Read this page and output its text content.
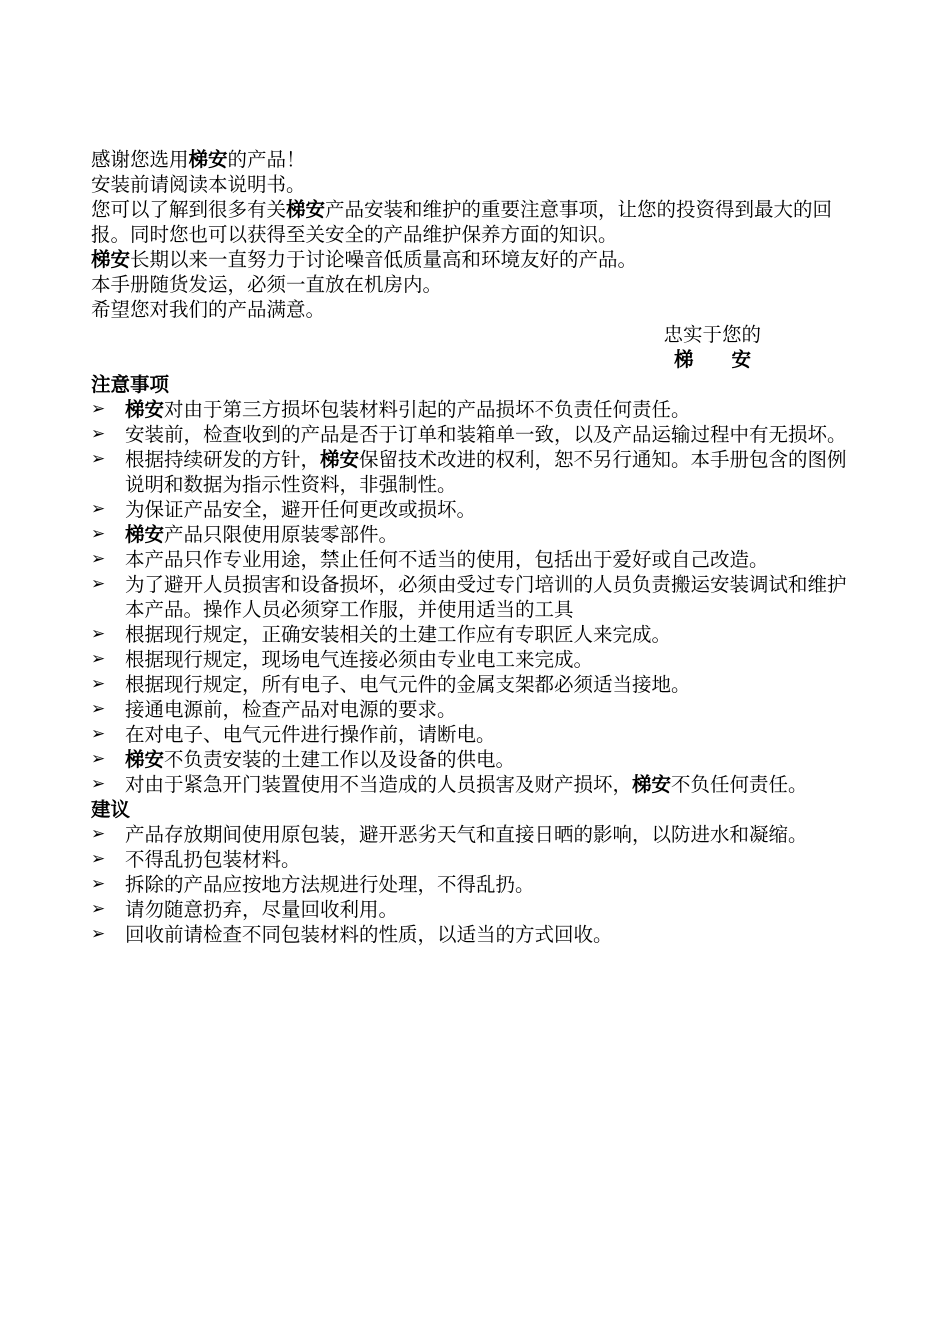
感谢您选用梯安的产品！
安装前请阅读本说明书。
您可以了解到很多有关梯安产品安装和维护的重要注意事项，让您的投资得到最大的回报。同时您也可以获得至关安全的产品维护保养方面的知识。
梯安长期以来一直努力于讨论噪音低质量高和环境友好的产品。
本手册随货发运，必须一直放在机房内。
希望您对我们的产品满意。
忠实于您的
梯 安
注意事项
➢ 梯安对由于第三方损坏包装材料引起的产品损坏不负责任何责任。
➢ 安装前，检查收到的产品是否于订单和装箱单一致，以及产品运输过程中有无损坏。
➢ 根据持续研发的方针，梯安保留技术改进的权利，恕不另行通知。本手册包含的图例说明和数据为指示性资料，非强制性。
➢ 为保证产品安全，避开任何更改或损坏。
➢ 梯安产品只限使用原装零部件。
➢ 本产品只作专业用途，禁止任何不适当的使用，包括出于爱好或自己改造。
➢ 为了避开人员损害和设备损坏，必须由受过专门培训的人员负责搬运安装调试和维护本产品。操作人员必须穿工作服，并使用适当的工具
➢ 根据现行规定，正确安装相关的土建工作应有专职匠人来完成。
➢ 根据现行规定，现场电气连接必须由专业电工来完成。
➢ 根据现行规定，所有电子、电气元件的金属支架都必须适当接地。
➢ 接通电源前，检查产品对电源的要求。
➢ 在对电子、电气元件进行操作前，请断电。
➢ 梯安不负责安装的土建工作以及设备的供电。
➢ 对由于紧急开门装置使用不当造成的人员损害及财产损坏，梯安不负任何责任。
建议
➢ 产品存放期间使用原包装，避开恶劣天气和直接日晒的影响，以防进水和凝缩。
➢ 不得乱扔包装材料。
➢ 拆除的产品应按地方法规进行处理，不得乱扔。
➢ 请勿随意扔弃，尽量回收利用。
➢ 回收前请检查不同包装材料的性质，以适当的方式回收。
